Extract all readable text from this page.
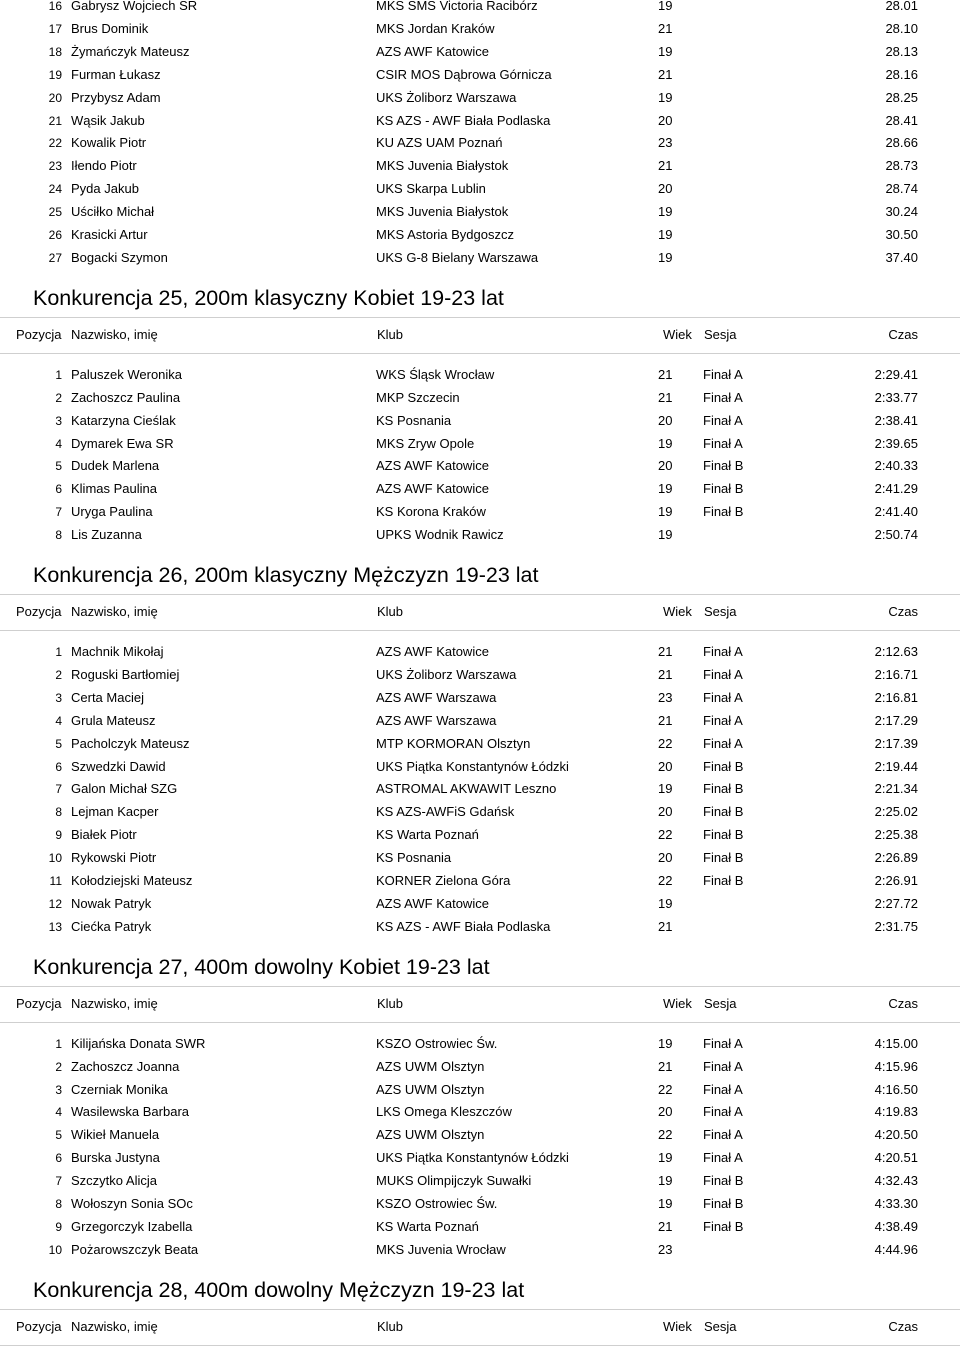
16 Gabrysz Wojciech SR	MKS SMS Victoria Racibórz	19	28.01
17 Brus Dominik	MKS Jordan Kraków	21	28.10
18 Żymańczyk Mateusz	AZS AWF Katowice	19	28.13
19 Furman Łukasz	CSIR MOS Dąbrowa Górnicza	21	28.16
20 Przybysz Adam	UKS Żoliborz Warszawa	19	28.25
21 Wąsik Jakub	KS AZS - AWF Biała Podlaska	20	28.41
22 Kowalik Piotr	KU AZS UAM Poznań	23	28.66
23 Iłendo Piotr	MKS Juvenia Białystok	21	28.73
24 Pyda Jakub	UKS Skarpa Lublin	20	28.74
25 Uściłko Michał	MKS Juvenia Białystok	19	30.24
26 Krasicki Artur	MKS Astoria Bydgoszcz	19	30.50
27 Bogacki Szymon	UKS G-8 Bielany Warszawa	19	37.40
Konkurencja 25, 200m klasyczny Kobiet 19-23 lat
Pozycja Nazwisko, imię	Klub	Wiek Sesja	Czas
1 Paluszek Weronika	WKS Śląsk Wrocław	21 Finał A	2:29.41
2 Zachoszcz Paulina	MKP Szczecin	21 Finał A	2:33.77
3 Katarzyna Cieślak	KS Posnania	20 Finał A	2:38.41
4 Dymarek Ewa SR	MKS Zryw Opole	19 Finał A	2:39.65
5 Dudek Marlena	AZS AWF Katowice	20 Finał B	2:40.33
6 Klimas Paulina	AZS AWF Katowice	19 Finał B	2:41.29
7 Uryga Paulina	KS Korona Kraków	19 Finał B	2:41.40
8 Lis Zuzanna	UPKS Wodnik Rawicz	19	2:50.74
Konkurencja 26, 200m klasyczny Mężczyzn 19-23 lat
Pozycja Nazwisko, imię	Klub	Wiek Sesja	Czas
1 Machnik Mikołaj	AZS AWF Katowice	21 Finał A	2:12.63
2 Roguski Bartłomiej	UKS Żoliborz Warszawa	21 Finał A	2:16.71
3 Certa Maciej	AZS AWF Warszawa	23 Finał A	2:16.81
4 Grula Mateusz	AZS AWF Warszawa	21 Finał A	2:17.29
5 Pacholczyk Mateusz	MTP KORMORAN Olsztyn	22 Finał A	2:17.39
6 Szwedzki Dawid	UKS Piątka Konstantynów Łódzki	20 Finał B	2:19.44
7 Galon Michał SZG	ASTROMAL AKWAWIT Leszno	19 Finał B	2:21.34
8 Lejman Kacper	KS AZS-AWFiS Gdańsk	20 Finał B	2:25.02
9 Białek Piotr	KS Warta Poznań	22 Finał B	2:25.38
10 Rykowski Piotr	KS Posnania	20 Finał B	2:26.89
11 Kołodziejski Mateusz	KORNER Zielona Góra	22 Finał B	2:26.91
12 Nowak Patryk	AZS AWF Katowice	19	2:27.72
13 Ciećka Patryk	KS AZS - AWF Biała Podlaska	21	2:31.75
Konkurencja 27, 400m dowolny Kobiet 19-23 lat
Pozycja Nazwisko, imię	Klub	Wiek Sesja	Czas
1 Kilijańska Donata SWR	KSZO Ostrowiec Św.	19 Finał A	4:15.00
2 Zachoszcz Joanna	AZS UWM Olsztyn	21 Finał A	4:15.96
3 Czerniak Monika	AZS UWM Olsztyn	22 Finał A	4:16.50
4 Wasilewska Barbara	LKS Omega Kleszczów	20 Finał A	4:19.83
5 Wikieł Manuela	AZS UWM Olsztyn	22 Finał A	4:20.50
6 Burska Justyna	UKS Piątka Konstantynów Łódzki	19 Finał A	4:20.51
7 Szczytko Alicja	MUKS Olimpijczyk Suwałki	19 Finał B	4:32.43
8 Wołoszyn Sonia SOc	KSZO Ostrowiec Św.	19 Finał B	4:33.30
9 Grzegorczyk Izabella	KS Warta Poznań	21 Finał B	4:38.49
10 Pożarowszczyk Beata	MKS Juvenia Wrocław	23	4:44.96
Konkurencja 28, 400m dowolny Mężczyzn 19-23 lat
Pozycja Nazwisko, imię	Klub	Wiek Sesja	Czas
